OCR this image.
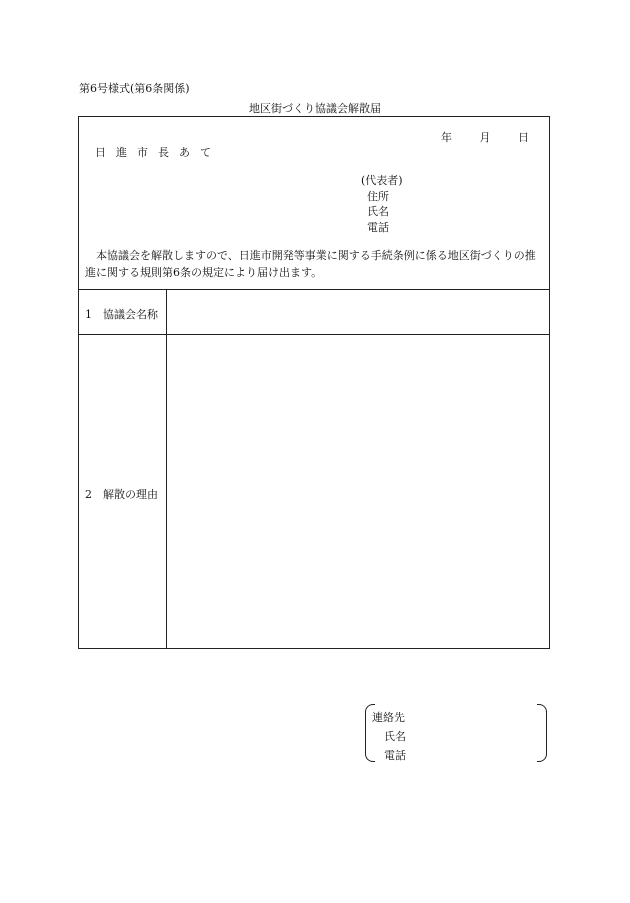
第6号様式(第6条関係)
地区街づくり協議会解散届
年	月	日
日進市長あて
(代表者)
住所
氏名
電話
本協議会を解散しますので、日進市開発等事業に関する手続条例に係る地区街づくりの推進に関する規則第6条の規定により届け出ます。
1　協議会名称
2　解散の理由
連絡先
氏名
電話
